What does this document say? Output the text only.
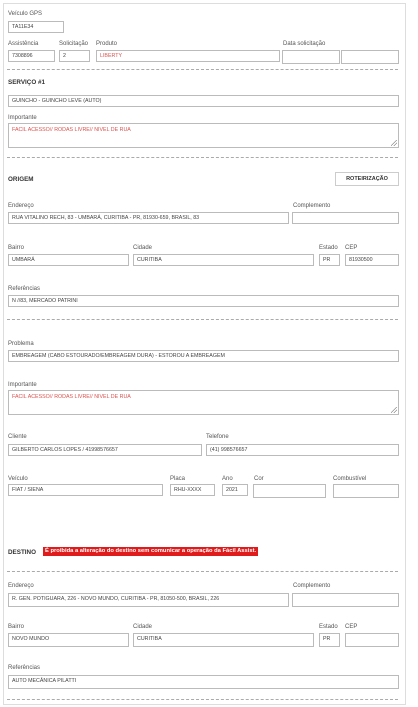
Veículo GPS
TA11E34
Assistência
7308896
Solicitação
2
Produto
LIBERTY
Data solicitação
SERVIÇO #1
GUINCHO - GUINCHO LEVE (AUTO)
Importante
FACIL ACESSO// RODAS LIVRE// NIVEL DE RUA
ORIGEM	ROTEIRIZAÇÃO
Endereço
RUA VITALINO RECH, 83 - UMBARÁ, CURITIBA - PR, 81930-659, BRASIL, 83
Complemento
Bairro
UMBARÁ
Cidade
CURITIBA
Estado
PR
CEP
81930500
Referências
N //83, MERCADO PATRINI
Problema
EMBREAGEM (CABO ESTOURADO/EMBREAGEM DURA) - ESTOROU A EMBREAGEM
Importante
FACIL ACESSO// RODAS LIVRE// NIVEL DE RUA
Cliente
GILBERTO CARLOS LOPES / 41998576657
Telefone
(41) 998576657
Veículo
FIAT / SIENA
Placa
RHU-XXXX
Ano
2021
Cor	Combustível
DESTINO	É proibida a alteração do destino sem comunicar a operação da Fácil Assist.
Endereço
R. GEN. POTIGUARA, 226 - NOVO MUNDO, CURITIBA - PR, 81050-500, BRASIL, 226
Complemento
Bairro
NOVO MUNDO
Cidade
CURITIBA
Estado
PR
CEP
Referências
AUTO MECÂNICA PILATTI
